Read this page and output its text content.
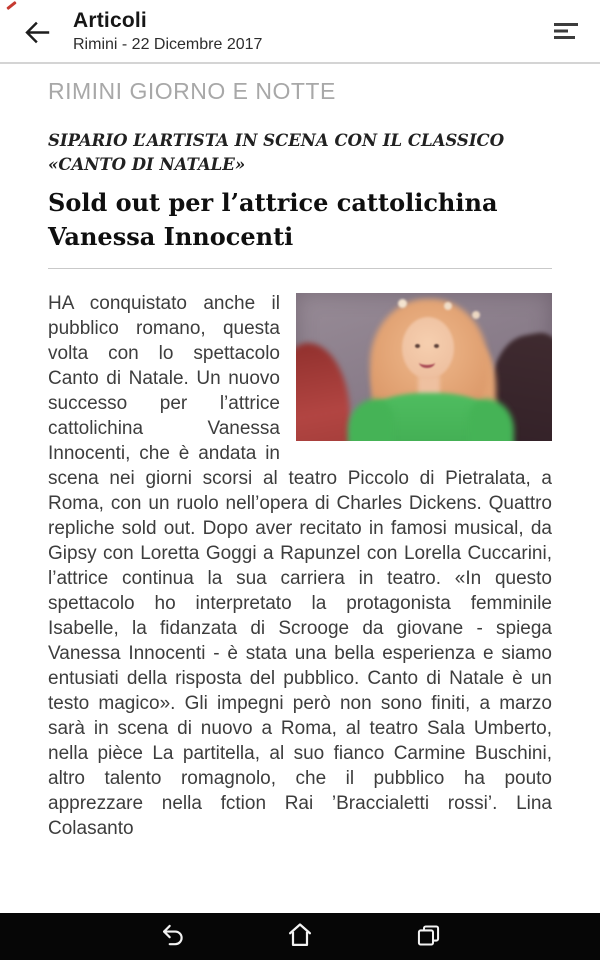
Articoli
Rimini - 22 Dicembre 2017
RIMINI GIORNO E NOTTE
SIPARIO L’ARTISTA IN SCENA CON IL CLASSICO «CANTO DI NATALE»
Sold out per l’attrice cattolichina Vanessa Innocenti

HA conquistato anche il pubblico romano, questa volta con lo spettacolo Canto di Natale. Un nuovo successo per l’attrice cattolichina Vanessa Innocenti, che è andata in scena nei giorni scorsi al teatro Piccolo di Pietralata, a Roma, con un ruolo nell’opera di Charles Dickens. Quattro repliche sold out. Dopo aver recitato in famosi musical, da Gipsy con Loretta Goggi a Rapunzel con Lorella Cuccarini, l’attrice continua la sua carriera in teatro. «In questo spettacolo ho interpretato la protagonista femminile Isabelle, la fidanzata di Scrooge da giovane - spiega Vanessa Innocenti - è stata una bella esperienza e siamo entusiati della risposta del pubblico. Canto di Natale è un testo magico». Gli impegni però non sono finiti, a marzo sarà in scena di nuovo a Roma, al teatro Sala Umberto, nella pièce La partitella, al suo fianco Carmine Buschini, altro talento romagnolo, che il pubblico ha pouto apprezzare nella fction Rai ’Braccialetti rossi’. Lina Colasanto
